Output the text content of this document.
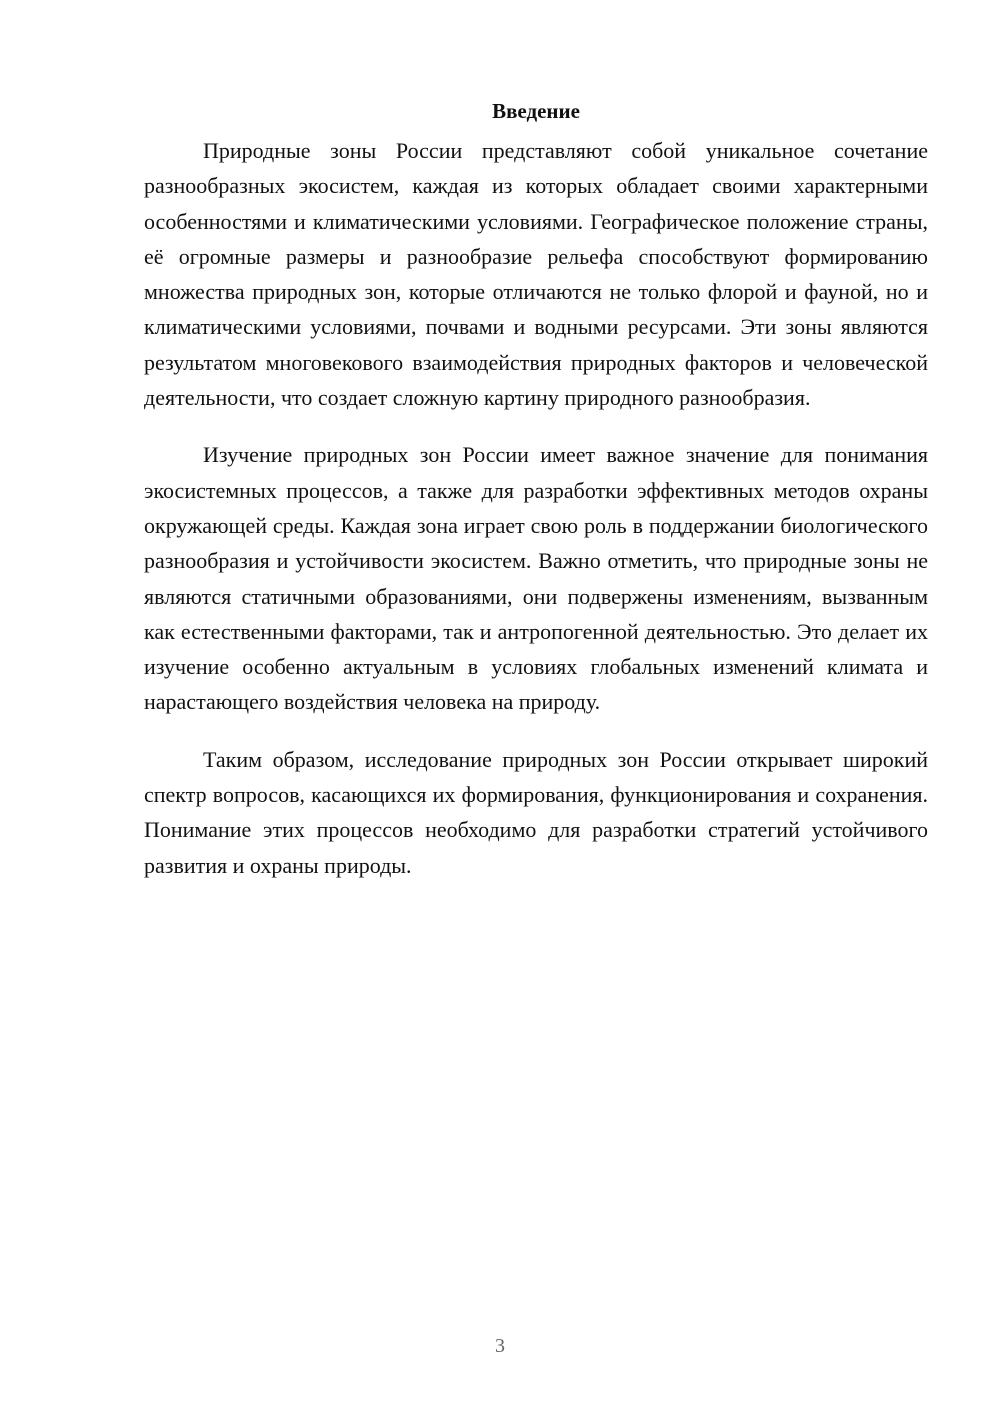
Введение

Природные зоны России представляют собой уникальное сочетание разнообразных экосистем, каждая из которых обладает своими характерными особенностями и климатическими условиями. Географическое положение страны, её огромные размеры и разнообразие рельефа способствуют формированию множества природных зон, которые отличаются не только флорой и фауной, но и климатическими условиями, почвами и водными ресурсами. Эти зоны являются результатом многовекового взаимодействия природных факторов и человеческой деятельности, что создает сложную картину природного разнообразия.

Изучение природных зон России имеет важное значение для понимания экосистемных процессов, а также для разработки эффективных методов охраны окружающей среды. Каждая зона играет свою роль в поддержании биологического разнообразия и устойчивости экосистем. Важно отметить, что природные зоны не являются статичными образованиями, они подвержены изменениям, вызванным как естественными факторами, так и антропогенной деятельностью. Это делает их изучение особенно актуальным в условиях глобальных изменений климата и нарастающего воздействия человека на природу.

Таким образом, исследование природных зон России открывает широкий спектр вопросов, касающихся их формирования, функционирования и сохранения. Понимание этих процессов необходимо для разработки стратегий устойчивого развития и охраны природы.

3
